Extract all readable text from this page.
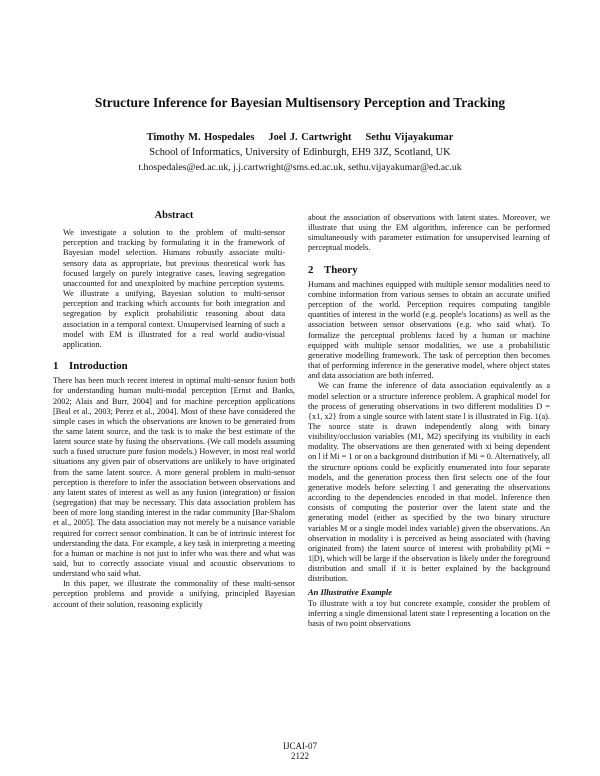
Structure Inference for Bayesian Multisensory Perception and Tracking
Timothy M. Hospedales Joel J. Cartwright Sethu Vijayakumar
School of Informatics, University of Edinburgh, EH9 3JZ, Scotland, UK
t.hospedales@ed.ac.uk, j.j.cartwright@sms.ed.ac.uk, sethu.vijayakumar@ed.ac.uk
Abstract

We investigate a solution to the problem of multi-sensor perception and tracking by formulating it in the framework of Bayesian model selection. Humans robustly associate multi-sensory data as appropriate, but previous theoretical work has focused largely on purely integrative cases, leaving segregation unaccounted for and unexploited by machine perception systems. We illustrate a unifying, Bayesian solution to multi-sensor perception and tracking which accounts for both integration and segregation by explicit probabilistic reasoning about data association in a temporal context. Unsupervised learning of such a model with EM is illustrated for a real world audio-visual application.

1 Introduction

There has been much recent interest in optimal multi-sensor fusion both for understanding human multi-modal perception [Ernst and Banks, 2002; Alais and Burr, 2004] and for machine perception applications [Beal et al., 2003; Perez et al., 2004]. Most of these have considered the simple cases in which the observations are known to be generated from the same latent source, and the task is to make the best estimate of the latent source state by fusing the observations. (We call models assuming such a fused structure pure fusion models.) However, in most real world situations any given pair of observations are unlikely to have originated from the same latent source. A more general problem in multi-sensor perception is therefore to infer the association between observations and any latent states of interest as well as any fusion (integration) or fission (segregation) that may be necessary. This data association problem has been of more long standing interest in the radar community [Bar-Shalom et al., 2005]. The data association may not merely be a nuisance variable required for correct sensor combination. It can be of intrinsic interest for understanding the data. For example, a key task in interpreting a meeting for a human or machine is not just to infer who was there and what was said, but to correctly associate visual and acoustic observations to understand who said what.

In this paper, we illustrate the commonality of these multi-sensor perception problems and provide a unifying, principled Bayesian account of their solution, reasoning explicitly

about the association of observations with latent states. Moreover, we illustrate that using the EM algorithm, inference can be performed simultaneously with parameter estimation for unsupervised learning of perceptual models.

2 Theory

Humans and machines equipped with multiple sensor modalities need to combine information from various senses to obtain an accurate unified perception of the world. Perception requires computing tangible quantities of interest in the world (e.g. people's locations) as well as the association between sensor observations (e.g. who said what). To formalize the perceptual problems faced by a human or machine equipped with multiple sensor modalities, we use a probabilistic generative modelling framework. The task of perception then becomes that of performing inference in the generative model, where object states and data association are both inferred.

We can frame the inference of data association equivalently as a model selection or a structure inference problem. A graphical model for the process of generating observations in two different modalities D = {x1, x2} from a single source with latent state l is illustrated in Fig. 1(a). The source state is drawn independently along with binary visibility/occlusion variables (M1, M2) specifying its visibility in each modality. The observations are then generated with xi being dependent on l if Mi = 1 or on a background distribution if Mi = 0. Alternatively, all the structure options could be explicitly enumerated into four separate models, and the generation process then first selects one of the four generative models before selecting l and generating the observations according to the dependencies encoded in that model. Inference then consists of computing the posterior over the latent state and the generating model (either as specified by the two binary structure variables M or a single model index variable) given the observations. An observation in modality i is perceived as being associated with (having originated from) the latent source of interest with probability p(Mi = 1|D), which will be large if the observation is likely under the foreground distribution and small if it is better explained by the background distribution.

An Illustrative Example

To illustrate with a toy but concrete example, consider the problem of inferring a single dimensional latent state l representing a location on the basis of two point observations

IJCAI-07
2122
